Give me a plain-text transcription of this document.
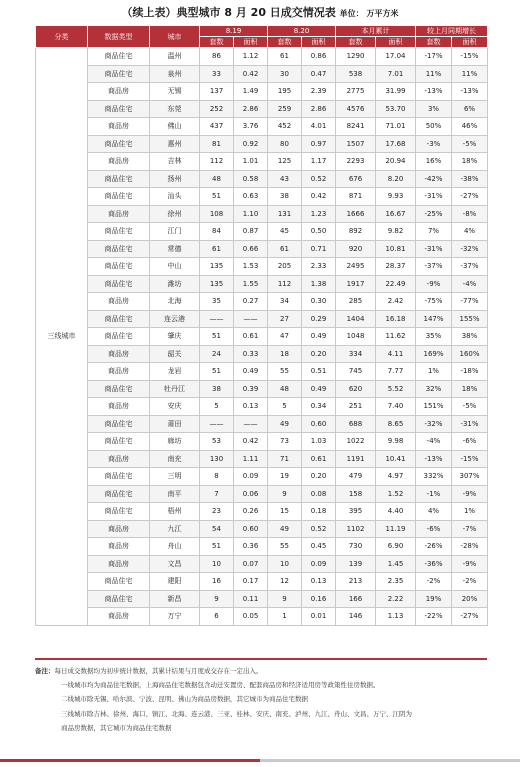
（续上表）典型城市 8 月 20 日成交情况表 单位： 万平方米
分类	数据类型	城市	8.19		8.20		本月累计		较上月同期增长	
			套数	面积	套数	面积	套数	面积	套数	面积
三线城市	商品住宅	温州	86	1.12	61	0.86	1290	17.04	-17%	-15%
	商品住宅	泉州	33	0.42	30	0.47	538	7.01	11%	11%
	商品房	无锡	137	1.49	195	2.39	2775	31.99	-13%	-13%
	商品住宅	东莞	252	2.86	259	2.86	4576	53.70	3%	6%
	商品房	佛山	437	3.76	452	4.01	8241	71.01	50%	46%
	商品住宅	惠州	81	0.92	80	0.97	1507	17.68	-3%	-5%
	商品房	吉林	112	1.01	125	1.17	2293	20.94	16%	18%
	商品住宅	扬州	48	0.58	43	0.52	676	8.20	-42%	-38%
	商品住宅	汕头	51	0.63	38	0.42	871	9.93	-31%	-27%
	商品房	徐州	108	1.10	131	1.23	1666	16.67	-25%	-8%
	商品住宅	江门	84	0.87	45	0.50	892	9.82	7%	4%
	商品住宅	常德	61	0.66	61	0.71	920	10.81	-31%	-32%
	商品住宅	中山	135	1.53	205	2.33	2495	28.37	-37%	-37%
	商品住宅	潍坊	135	1.55	112	1.38	1917	22.49	-9%	-4%
	商品房	北海	35	0.27	34	0.30	285	2.42	-75%	-77%
	商品住宅	连云港	——	——	27	0.29	1404	16.18	147%	155%
	商品住宅	肇庆	51	0.61	47	0.49	1048	11.62	35%	38%
	商品房	韶关	24	0.33	18	0.20	334	4.11	169%	160%
	商品房	龙岩	51	0.49	55	0.51	745	7.77	1%	-18%
	商品住宅	牡丹江	38	0.39	48	0.49	620	5.52	32%	18%
	商品房	安庆	5	0.13	5	0.34	251	7.40	151%	-5%
	商品住宅	莆田	——	——	49	0.60	688	8.65	-32%	-31%
	商品住宅	廊坊	53	0.42	73	1.03	1022	9.98	-4%	-6%
	商品房	南充	130	1.11	71	0.61	1191	10.41	-13%	-15%
	商品住宅	三明	8	0.09	19	0.20	479	4.97	332%	307%
	商品住宅	南平	7	0.06	9	0.08	158	1.52	-1%	-9%
	商品住宅	梧州	23	0.26	15	0.18	395	4.40	4%	1%
	商品房	九江	54	0.60	49	0.52	1102	11.19	-6%	-7%
	商品房	舟山	51	0.36	55	0.45	730	6.90	-26%	-28%
	商品房	文昌	10	0.07	10	0.09	139	1.45	-36%	-9%
	商品住宅	建阳	16	0.17	12	0.13	213	2.35	-2%	-2%
	商品住宅	新昌	9	0.11	9	0.16	166	2.22	19%	20%
	商品房	万宁	6	0.05	1	0.01	146	1.13	-22%	-27%
备注：每日成交数据均为初步统计数据，其累计结果与月度成交存在一定出入。
一线城市均为商品住宅数据，上海商品住宅数据包含动迁安置房、配套商品房和经济适用房等政策性住房数据。
二线城市除无锡、哈尔滨、宁波、昆明、佛山为商品房数据，其它城市为商品住宅数据
三线城市除吉林、徐州、海口、镇江、北海、连云港、三亚、桂林、安庆、南充、泸州、九江、舟山、文昌、万宁、江阴为
商品房数据，其它城市为商品住宅数据
